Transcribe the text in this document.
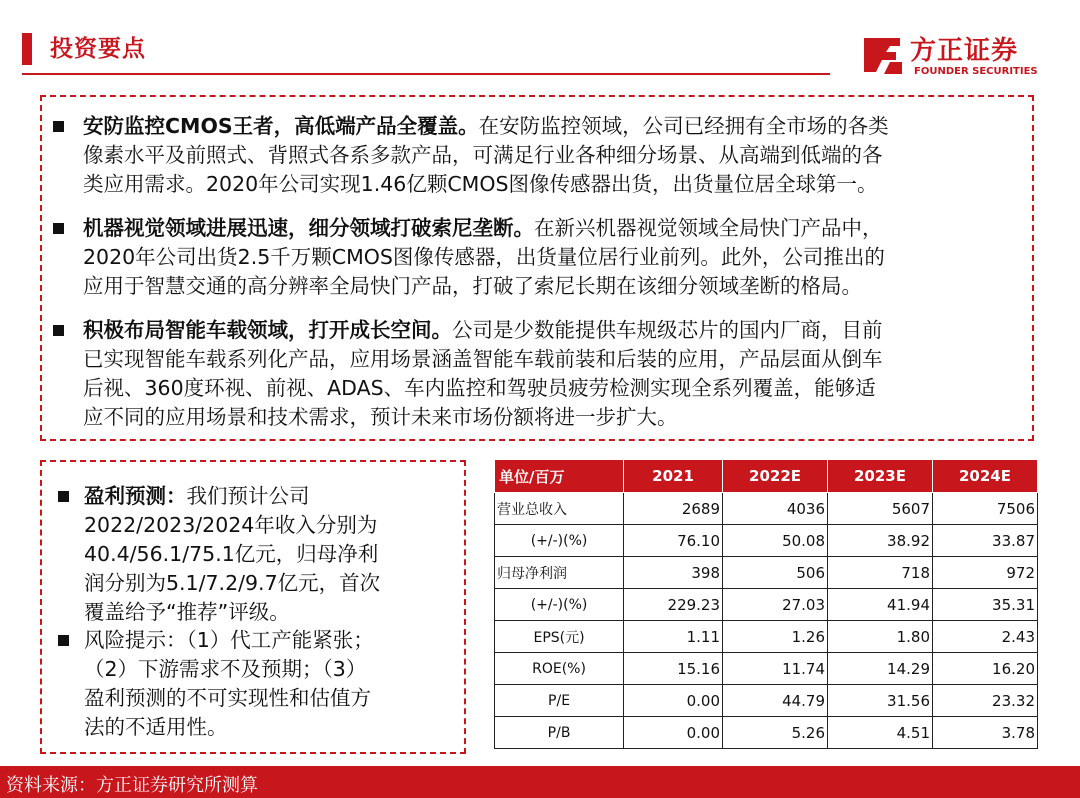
投资要点	方正证券
FOUNDER SECURITIES

安防监控CMOS王者，高低端产品全覆盖。在安防监控领域，公司已经拥有全市场的各类
像素水平及前照式、背照式各系多款产品，可满足行业各种细分场景、从高端到低端的各
类应用需求。2020年公司实现1.46亿颗CMOS图像传感器出货，出货量位居全球第一。

机器视觉领域进展迅速，细分领域打破索尼垄断。在新兴机器视觉领域全局快门产品中，
2020年公司出货2.5千万颗CMOS图像传感器，出货量位居行业前列。此外，公司推出的
应用于智慧交通的高分辨率全局快门产品，打破了索尼长期在该细分领域垄断的格局。

积极布局智能车载领域，打开成长空间。公司是少数能提供车规级芯片的国内厂商，目前
已实现智能车载系列化产品，应用场景涵盖智能车载前装和后装的应用，产品层面从倒车
后视、360度环视、前视、ADAS、车内监控和驾驶员疲劳检测实现全系列覆盖，能够适
应不同的应用场景和技术需求，预计未来市场份额将进一步扩大。

盈利预测：我们预计公司
2022/2023/2024年收入分别为
40.4/56.1/75.1亿元，归母净利
润分别为5.1/7.2/9.7亿元，首次
覆盖给予“推荐”评级。

风险提示：（1）代工产能紧张；
（2）下游需求不及预期；（3）
盈利预测的不可实现性和估值方
法的不适用性。

单位/百万	2021	2022E	2023E	2024E
营业总收入	2689	4036	5607	7506
(+/-)(%)	76.10	50.08	38.92	33.87
归母净利润	398	506	718	972
(+/-)(%)	229.23	27.03	41.94	35.31
EPS(元)	1.11	1.26	1.80	2.43
ROE(%)	15.16	11.74	14.29	16.20
P/E	0.00	44.79	31.56	23.32
P/B	0.00	5.26	4.51	3.78
资料来源：方正证券研究所测算
